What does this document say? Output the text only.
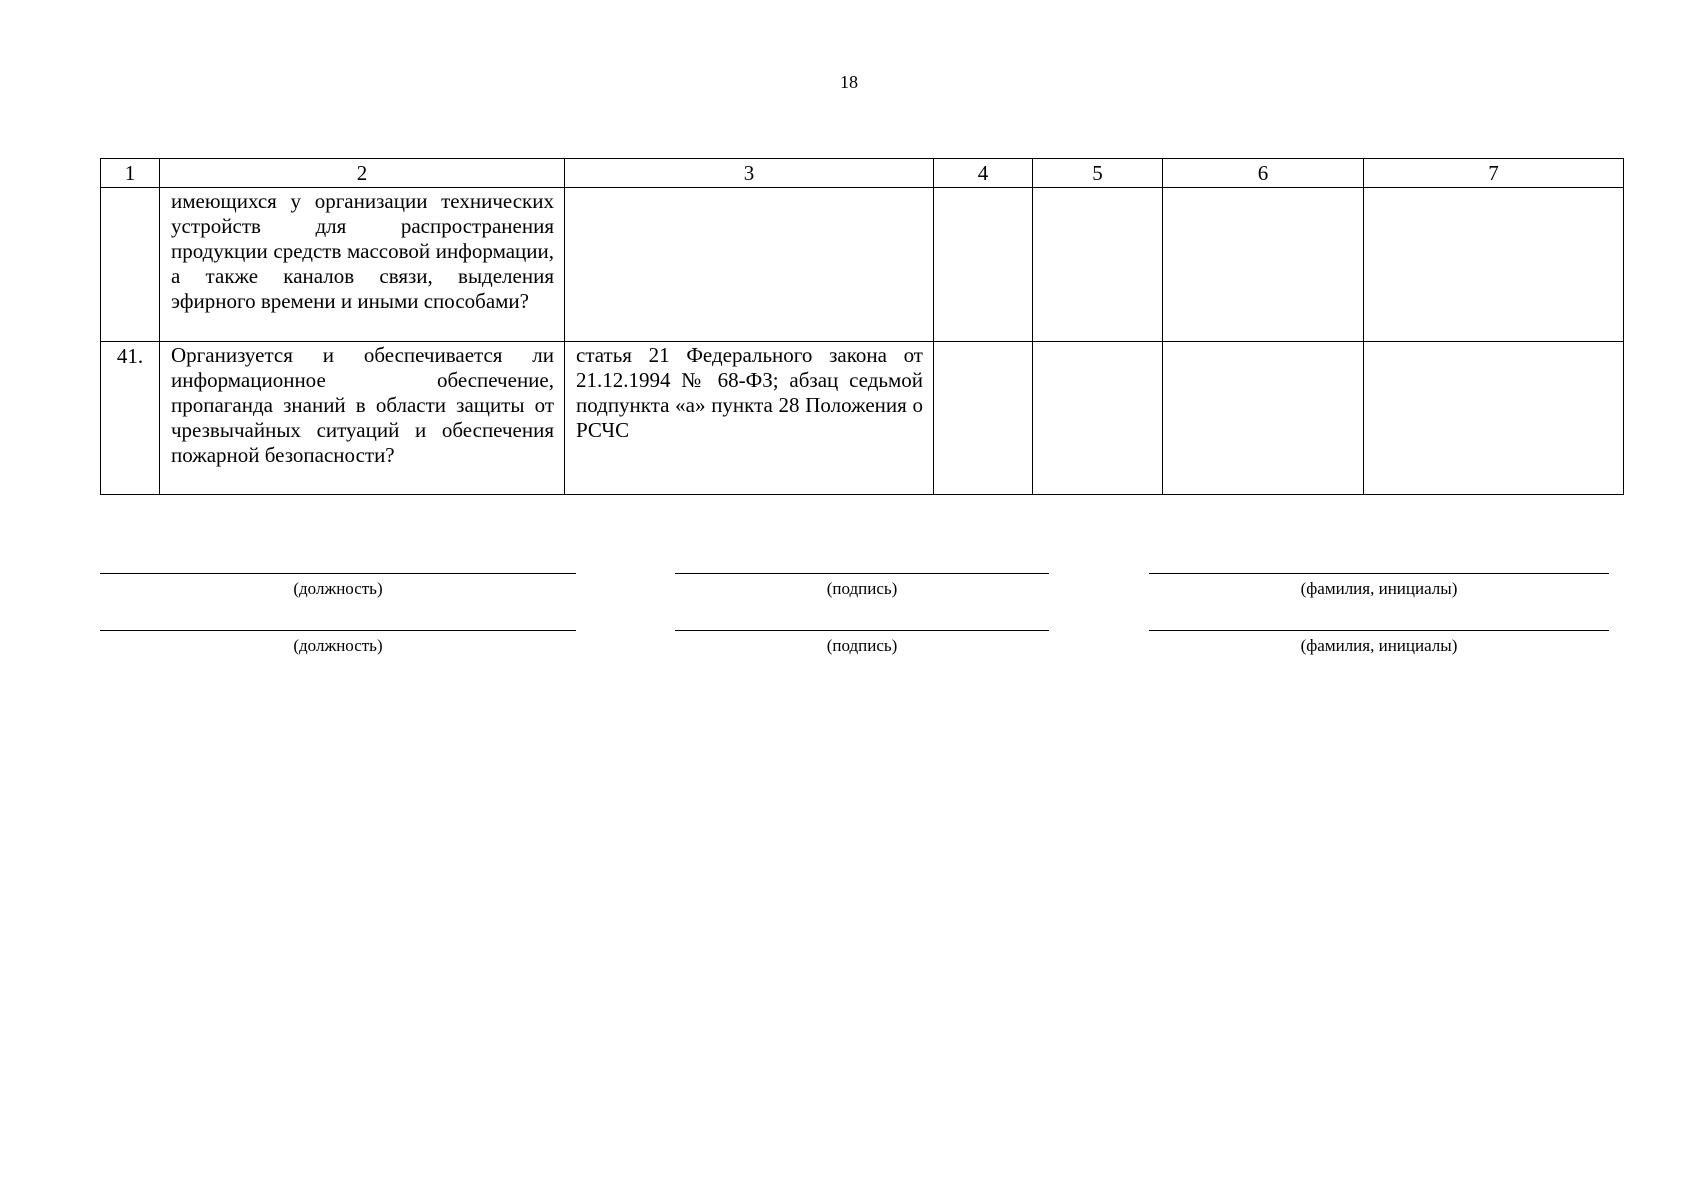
18
1	2	3	4	5	6	7
	имеющихся у организации технических устройств для распространения продукции средств массовой информации, а также каналов связи, выделения эфирного времени и иными способами?					
41.	Организуется и обеспечивается ли информационное обеспечение, пропаганда знаний в области защиты от чрезвычайных ситуаций и обеспечения пожарной безопасности?	статья 21 Федерального закона от 21.12.1994 № 68-ФЗ; абзац седьмой подпункта «а» пункта 28 Положения о РСЧС				
(должность)	(подпись)	(фамилия, инициалы)
(должность)	(подпись)	(фамилия, инициалы)
